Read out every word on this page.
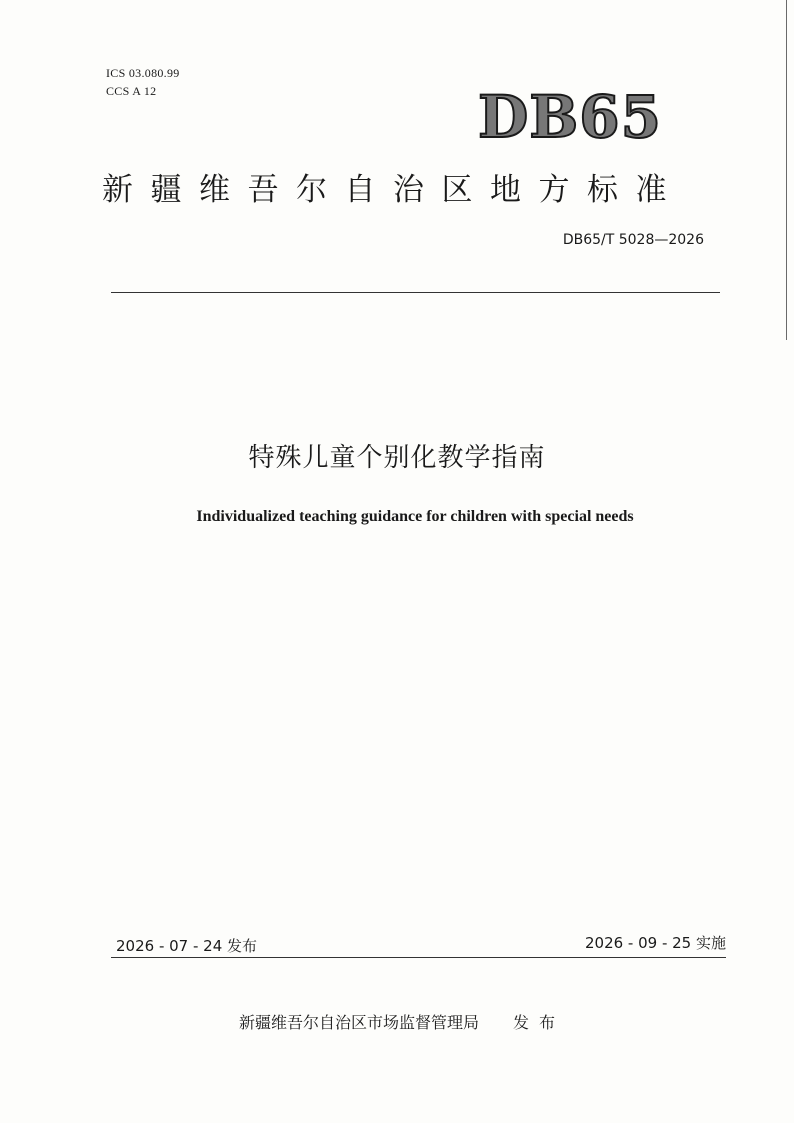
ICS 03.080.99
CCS A 12	DB65
新疆维吾尔自治区地方标准
DB65/T 5028—2026
特殊儿童个别化教学指南
Individualized teaching guidance for children with special needs
2026 - 07 - 24 发布	2026 - 09 - 25 实施
新疆维吾尔自治区市场监督管理局 发布
